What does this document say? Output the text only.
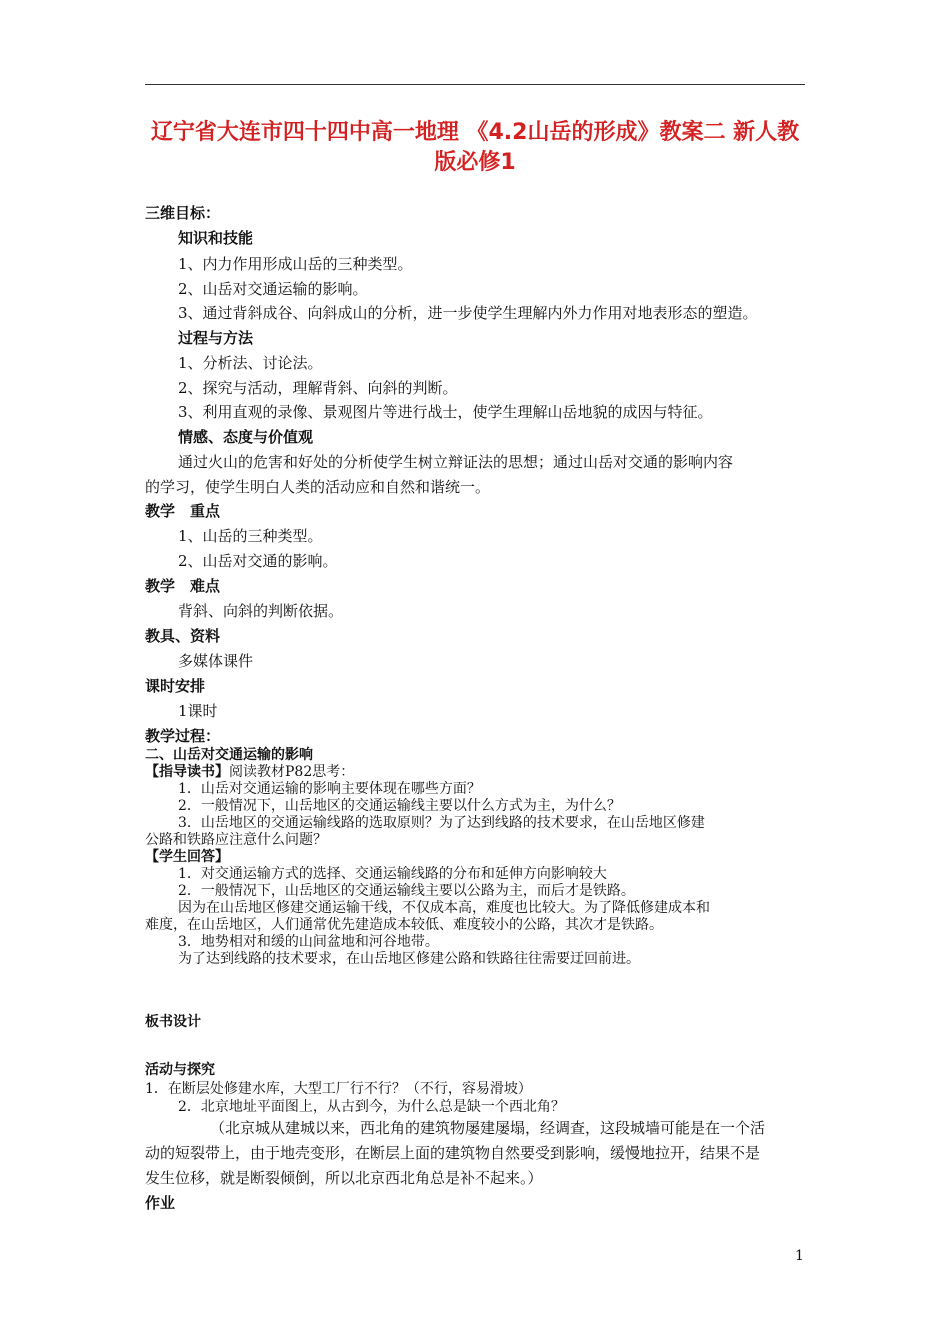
辽宁省大连市四十四中高一地理 《4.2山岳的形成》教案二 新人教
版必修1
三维目标：
知识和技能
1、内力作用形成山岳的三种类型。
2、山岳对交通运输的影响。
3、通过背斜成谷、向斜成山的分析，进一步使学生理解内外力作用对地表形态的塑造。
过程与方法
1、分析法、讨论法。
2、探究与活动，理解背斜、向斜的判断。
3、利用直观的录像、景观图片等进行战士，使学生理解山岳地貌的成因与特征。
情感、态度与价值观
通过火山的危害和好处的分析使学生树立辩证法的思想；通过山岳对交通的影响内容
的学习，使学生明白人类的活动应和自然和谐统一。
教学　重点
1、山岳的三种类型。
2、山岳对交通的影响。
教学　难点
背斜、向斜的判断依据。
教具、资料
多媒体课件
课时安排
1课时
教学过程：
二、山岳对交通运输的影响
【指导读书】阅读教材P82思考：
1．山岳对交通运输的影响主要体现在哪些方面？
2．一般情况下，山岳地区的交通运输线主要以什么方式为主，为什么？
3．山岳地区的交通运输线路的选取原则？为了达到线路的技术要求，在山岳地区修建
公路和铁路应注意什么问题？
【学生回答】
1．对交通运输方式的选择、交通运输线路的分布和延伸方向影响较大
2．一般情况下，山岳地区的交通运输线主要以公路为主，而后才是铁路。
因为在山岳地区修建交通运输干线，不仅成本高，难度也比较大。为了降低修建成本和
难度，在山岳地区，人们通常优先建造成本较低、难度较小的公路，其次才是铁路。
3．地势相对和缓的山间盆地和河谷地带。
为了达到线路的技术要求，在山岳地区修建公路和铁路往往需要迂回前进。
板书设计
活动与探究
1．在断层处修建水库，大型工厂行不行？（不行，容易滑坡）
2．北京地址平面图上，从古到今，为什么总是缺一个西北角？
（北京城从建城以来，西北角的建筑物屡建屡塌，经调查，这段城墙可能是在一个活
动的短裂带上，由于地壳变形，在断层上面的建筑物自然要受到影响，缓慢地拉开，结果不是
发生位移，就是断裂倾倒，所以北京西北角总是补不起来。）
作业
1
